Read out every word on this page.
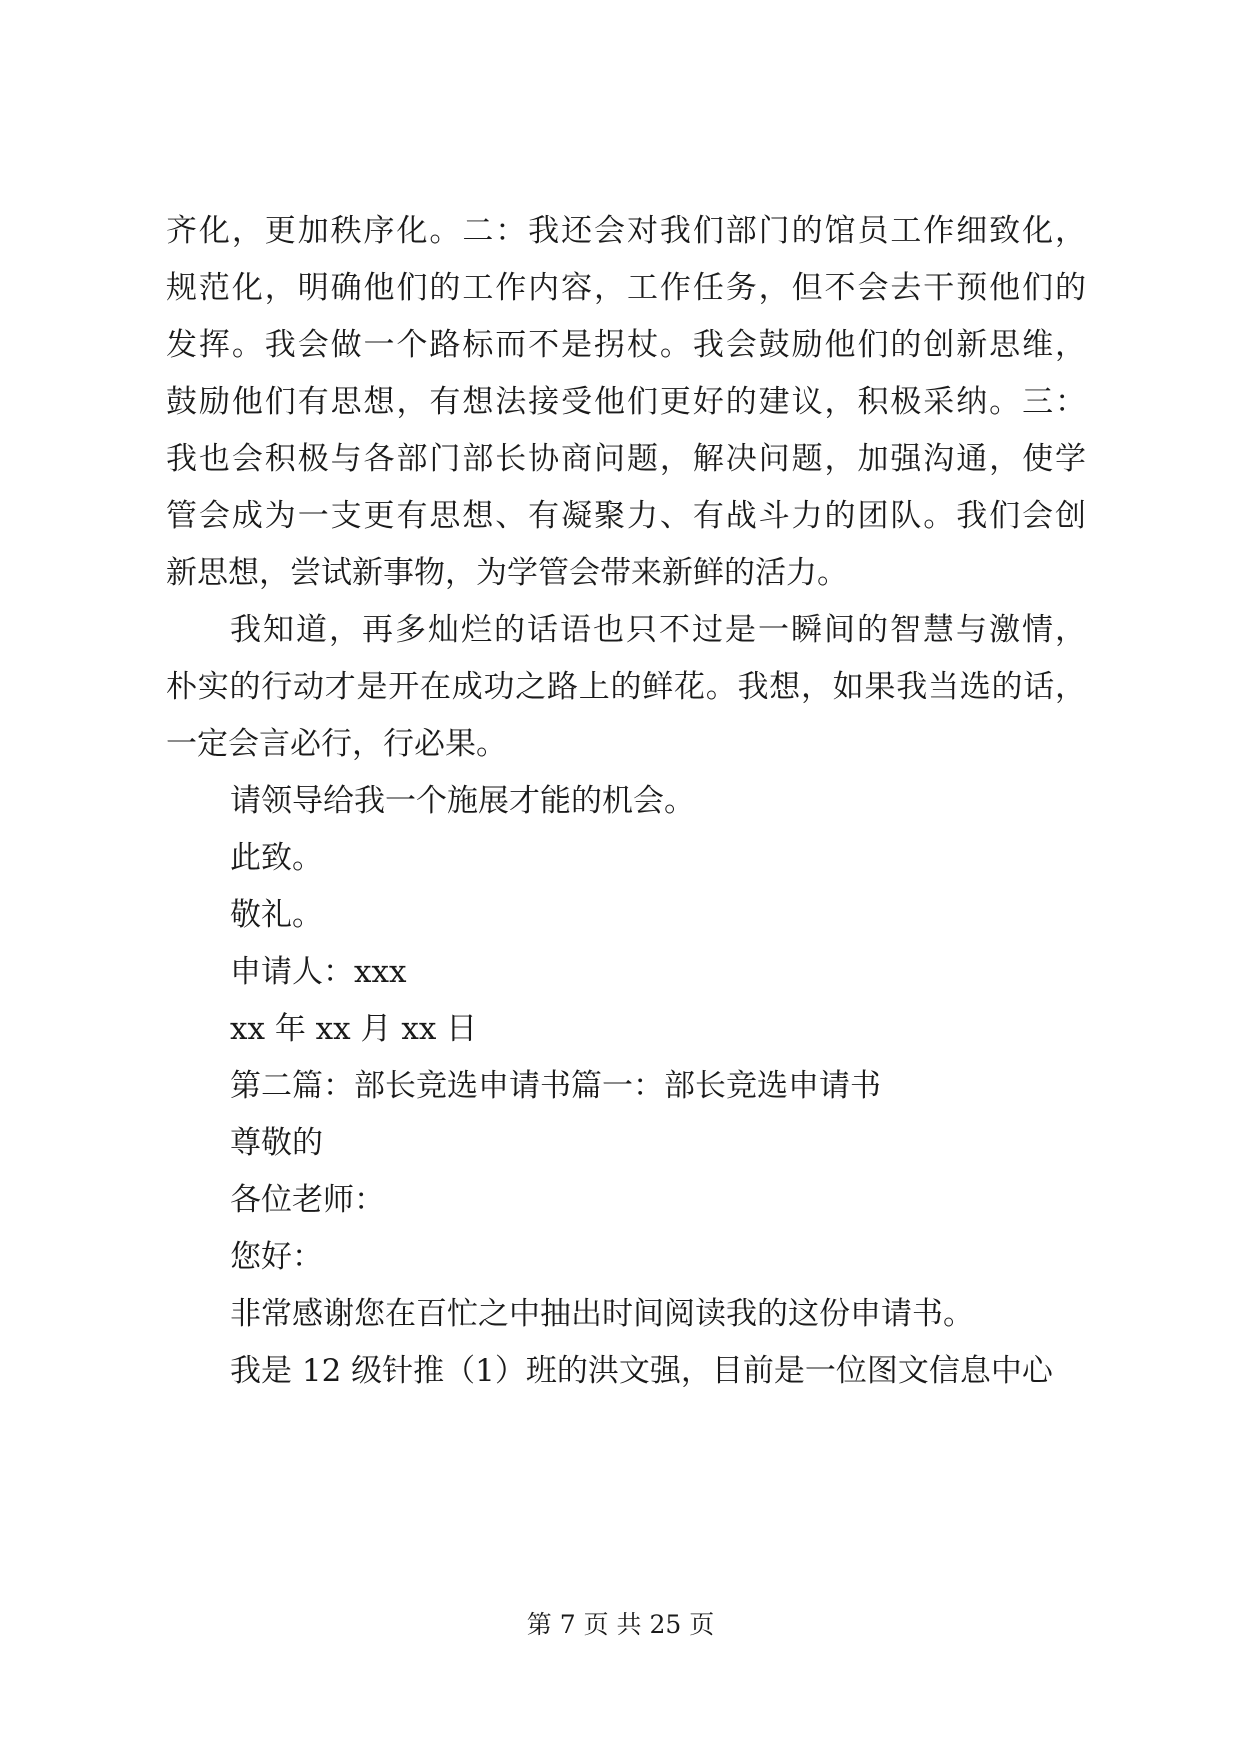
齐化，更加秩序化。二：我还会对我们部门的馆员工作细致化，
规范化，明确他们的工作内容，工作任务，但不会去干预他们的
发挥。我会做一个路标而不是拐杖。我会鼓励他们的创新思维，
鼓励他们有思想，有想法接受他们更好的建议，积极采纳。三：
我也会积极与各部门部长协商问题，解决问题，加强沟通，使学
管会成为一支更有思想、有凝聚力、有战斗力的团队。我们会创
新思想，尝试新事物，为学管会带来新鲜的活力。
我知道，再多灿烂的话语也只不过是一瞬间的智慧与激情，
朴实的行动才是开在成功之路上的鲜花。我想，如果我当选的话，
一定会言必行，行必果。
请领导给我一个施展才能的机会。
此致。
敬礼。
申请人：xxx
xx 年 xx 月 xx 日
第二篇：部长竞选申请书篇一：部长竞选申请书
尊敬的
各位老师：
您好：
非常感谢您在百忙之中抽出时间阅读我的这份申请书。
我是 12 级针推（1）班的洪文强，目前是一位图文信息中心
第 7 页 共 25 页
